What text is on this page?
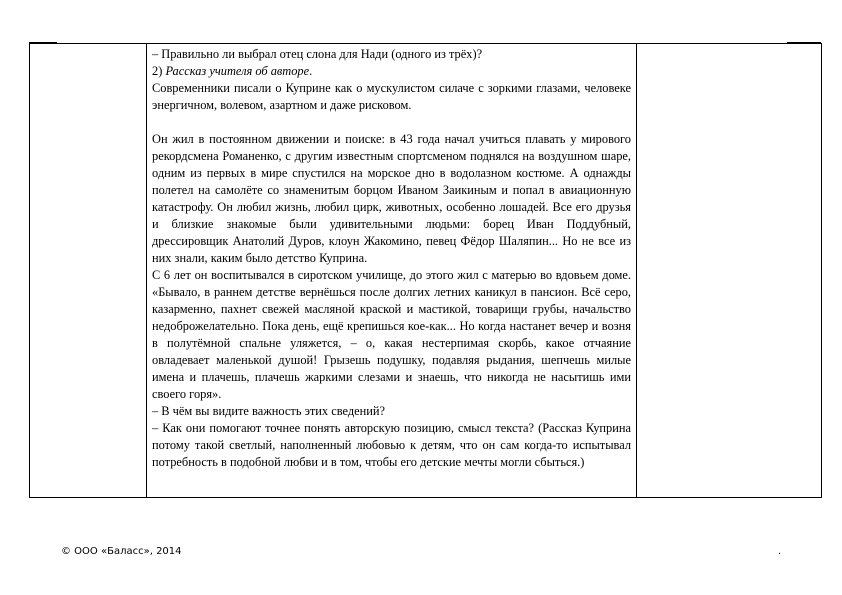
– Правильно ли выбрал отец слона для Нади (одного из трёх)?

2) Рассказ учителя об авторе.

Современники писали о Куприне как о мускулистом силаче с зоркими глазами, человеке энергичном, волевом, азартном и даже рисковом.

Он жил в постоянном движении и поиске: в 43 года начал учиться плавать у мирового рекордсмена Романенко, с другим известным спортсменом поднялся на воздушном шаре, одним из первых в мире спустился на морское дно в водолазном костюме. А однажды полетел на самолёте со знаменитым борцом Иваном Заикиным и попал в авиационную катастрофу. Он любил жизнь, любил цирк, животных, особенно лошадей. Все его друзья и близкие знакомые были удивительными людьми: борец Иван Поддубный, дрессировщик Анатолий Дуров, клоун Жакомино, певец Фёдор Шаляпин... Но не все из них знали, каким было детство Куприна.

С 6 лет он воспитывался в сиротском училище, до этого жил с матерью во вдовьем доме. «Бывало, в раннем детстве вернёшься после долгих летних каникул в пансион. Всё серо, казарменно, пахнет свежей масляной краской и мастикой, товарищи грубы, начальство недоброжелательно. Пока день, ещё крепишься кое-как... Но когда настанет вечер и возня в полутёмной спальне уляжется, – о, какая нестерпимая скорбь, какое отчаяние овладевает маленькой душой! Грызешь подушку, подавляя рыдания, шепчешь милые имена и плачешь, плачешь жаркими слезами и знаешь, что никогда не насытишь ими своего горя».

– В чём вы видите важность этих сведений?

– Как они помогают точнее понять авторскую позицию, смысл текста? (Рассказ Куприна потому такой светлый, наполненный любовью к детям, что он сам когда-то испытывал потребность в подобной любви и в том, чтобы его детские мечты могли сбыться.)

© ООО «Баласс», 2014	.
